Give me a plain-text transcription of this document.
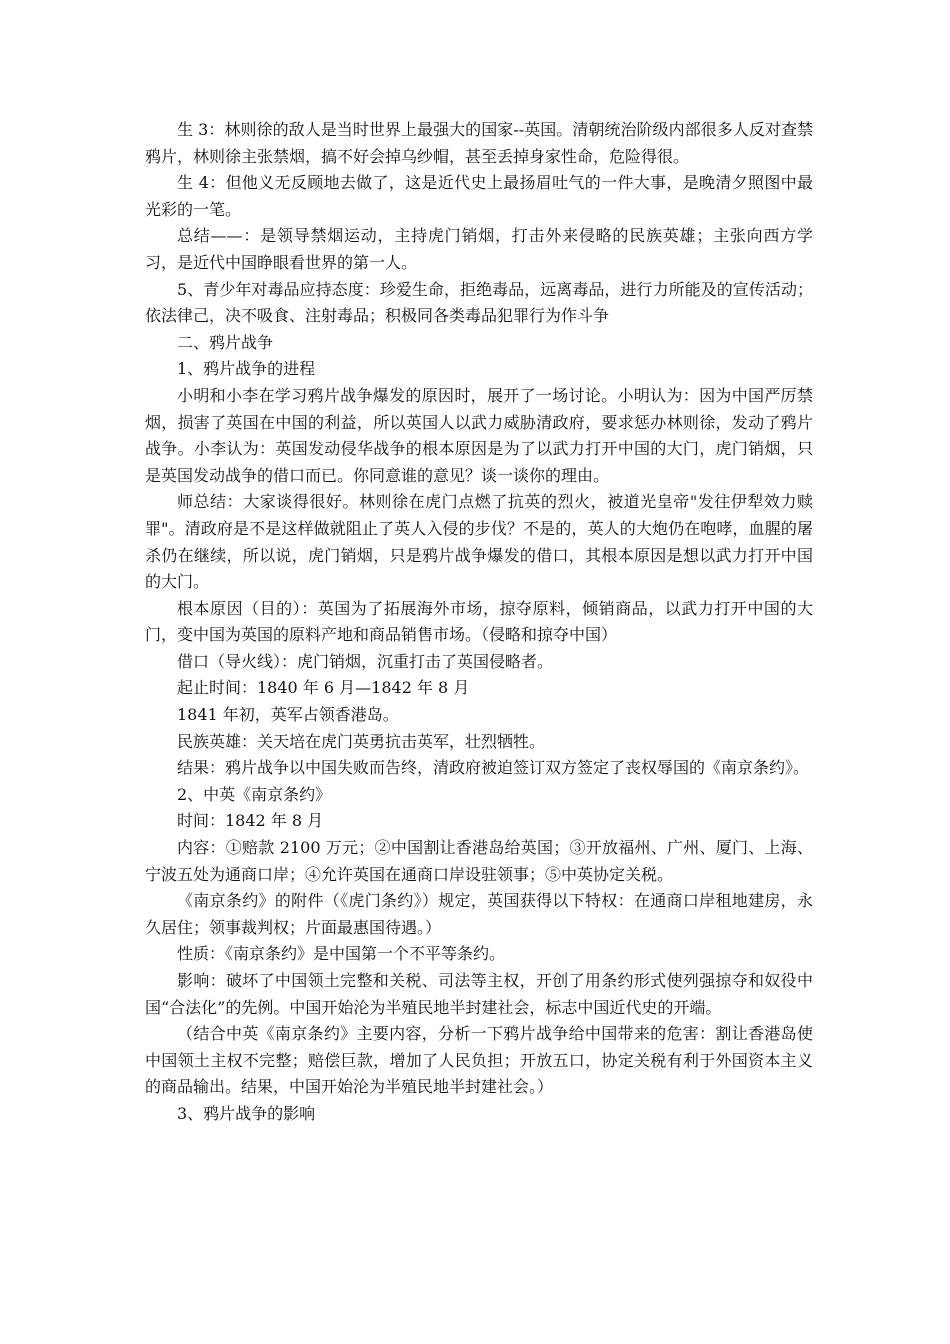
生 3：林则徐的敌人是当时世界上最强大的国家--英国。清朝统治阶级内部很多人反对查禁鸦片，林则徐主张禁烟，搞不好会掉乌纱帽，甚至丢掉身家性命，危险得很。

生 4：但他义无反顾地去做了，这是近代史上最扬眉吐气的一件大事，是晚清夕照图中最光彩的一笔。

总结——：是领导禁烟运动，主持虎门销烟，打击外来侵略的民族英雄；主张向西方学习，是近代中国睁眼看世界的第一人。

5、青少年对毒品应持态度：珍爱生命，拒绝毒品，远离毒品，进行力所能及的宣传活动；依法律己，决不吸食、注射毒品；积极同各类毒品犯罪行为作斗争

二、鸦片战争

1、鸦片战争的进程

小明和小李在学习鸦片战争爆发的原因时，展开了一场讨论。小明认为：因为中国严厉禁烟，损害了英国在中国的利益，所以英国人以武力威胁清政府，要求惩办林则徐，发动了鸦片战争。小李认为：英国发动侵华战争的根本原因是为了以武力打开中国的大门，虎门销烟，只是英国发动战争的借口而已。你同意谁的意见？谈一谈你的理由。

师总结：大家谈得很好。林则徐在虎门点燃了抗英的烈火，被道光皇帝"发往伊犁效力赎罪"。清政府是不是这样做就阻止了英人入侵的步伐？不是的，英人的大炮仍在咆哮，血腥的屠杀仍在继续，所以说，虎门销烟，只是鸦片战争爆发的借口，其根本原因是想以武力打开中国的大门。

根本原因（目的）：英国为了拓展海外市场，掠夺原料，倾销商品，以武力打开中国的大门，变中国为英国的原料产地和商品销售市场。（侵略和掠夺中国）

借口（导火线）：虎门销烟，沉重打击了英国侵略者。

起止时间：1840 年 6 月—1842 年 8 月

1841 年初，英军占领香港岛。

民族英雄：关天培在虎门英勇抗击英军，壮烈牺牲。

结果：鸦片战争以中国失败而告终，清政府被迫签订双方签定了丧权辱国的《南京条约》。

2、中英《南京条约》

时间：1842 年 8 月

内容：①赔款 2100 万元；②中国割让香港岛给英国；③开放福州、广州、厦门、上海、宁波五处为通商口岸；④允许英国在通商口岸设驻领事；⑤中英协定关税。

《南京条约》的附件（《虎门条约》）规定，英国获得以下特权：在通商口岸租地建房，永久居住；领事裁判权；片面最惠国待遇。）

性质：《南京条约》是中国第一个不平等条约。

影响：破坏了中国领土完整和关税、司法等主权，开创了用条约形式使列强掠夺和奴役中国“合法化”的先例。中国开始沦为半殖民地半封建社会，标志中国近代史的开端。

（结合中英《南京条约》主要内容，分析一下鸦片战争给中国带来的危害：割让香港岛使中国领土主权不完整；赔偿巨款，增加了人民负担；开放五口，协定关税有利于外国资本主义的商品输出。结果，中国开始沦为半殖民地半封建社会。）

3、鸦片战争的影响
